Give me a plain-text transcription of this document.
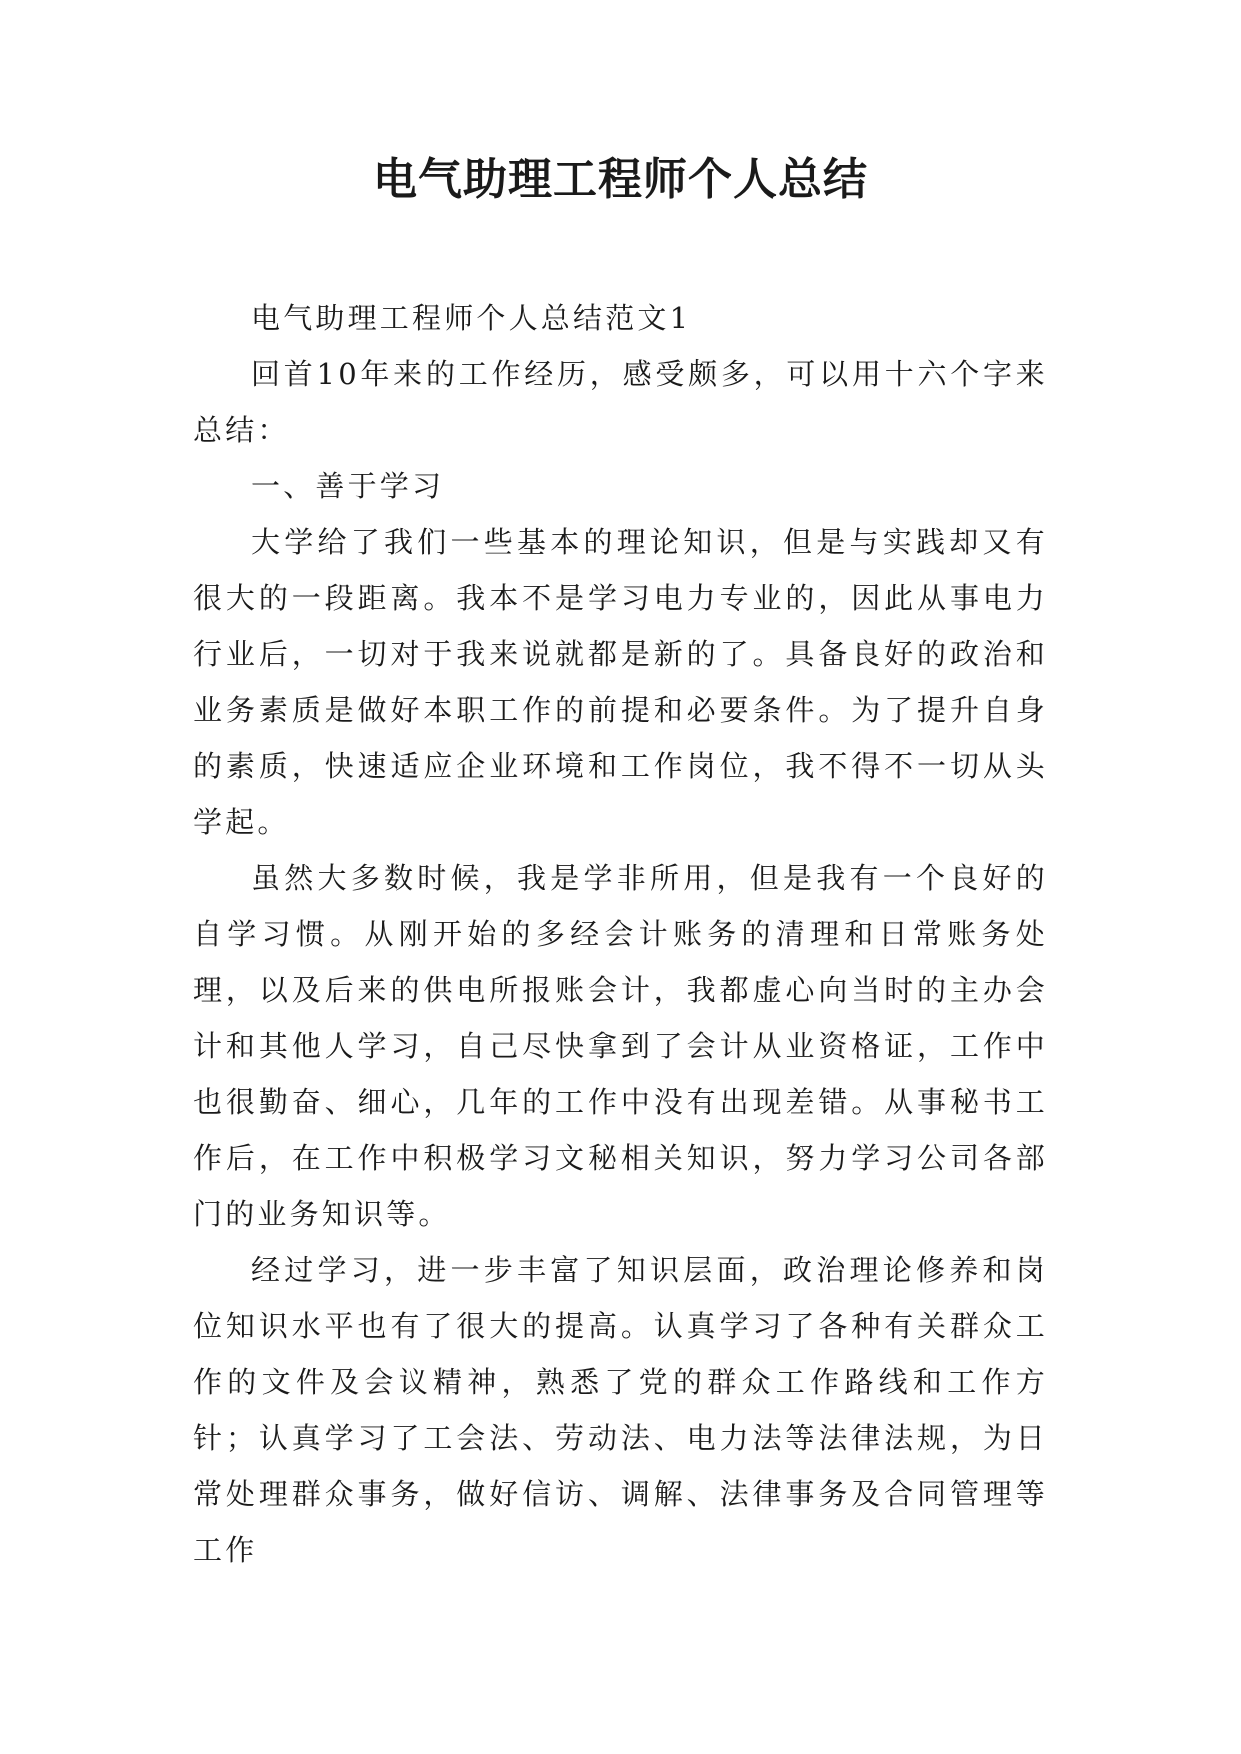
电气助理工程师个人总结

电气助理工程师个人总结范文1

回首10年来的工作经历，感受颇多，可以用十六个字来总结：

一、善于学习

大学给了我们一些基本的理论知识，但是与实践却又有很大的一段距离。我本不是学习电力专业的，因此从事电力行业后，一切对于我来说就都是新的了。具备良好的政治和业务素质是做好本职工作的前提和必要条件。为了提升自身的素质，快速适应企业环境和工作岗位，我不得不一切从头学起。

虽然大多数时候，我是学非所用，但是我有一个良好的自学习惯。从刚开始的多经会计账务的清理和日常账务处理，以及后来的供电所报账会计，我都虚心向当时的主办会计和其他人学习，自己尽快拿到了会计从业资格证，工作中也很勤奋、细心，几年的工作中没有出现差错。从事秘书工作后，在工作中积极学习文秘相关知识，努力学习公司各部门的业务知识等。

经过学习，进一步丰富了知识层面，政治理论修养和岗位知识水平也有了很大的提高。认真学习了各种有关群众工作的文件及会议精神，熟悉了党的群众工作路线和工作方针；认真学习了工会法、劳动法、电力法等法律法规，为日常处理群众事务，做好信访、调解、法律事务及合同管理等工作
